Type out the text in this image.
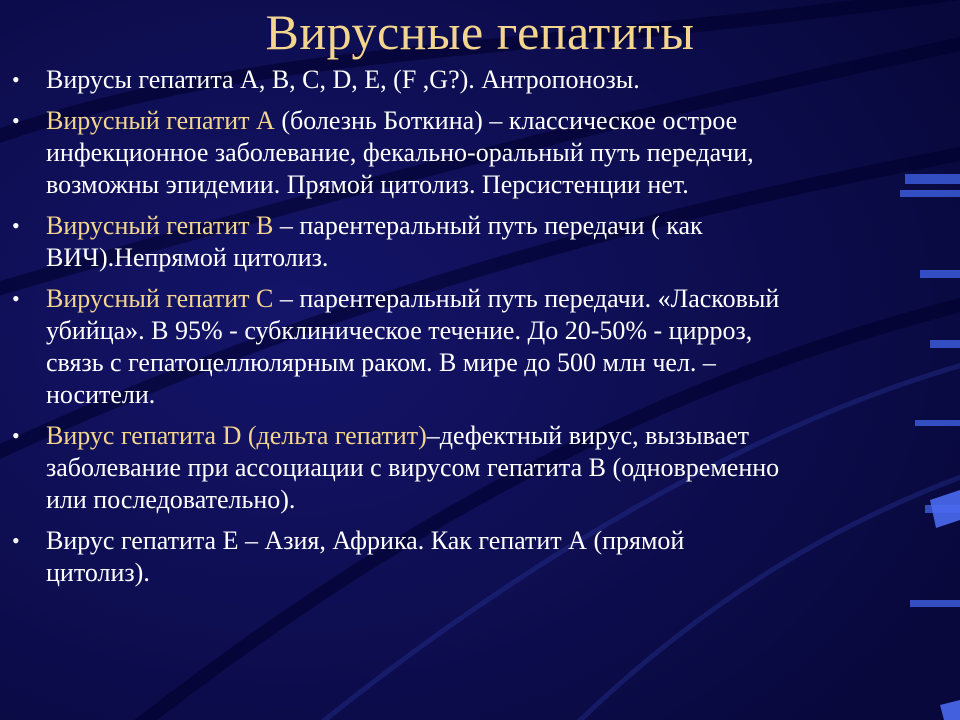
Вирусные гепатиты
•	Вирусы гепатита А, В, С, D, Е, (F ,G?). Антропонозы.
•	Вирусный гепатит А (болезнь Боткина) – классическое острое
инфекционное заболевание, фекально-оральный путь передачи,
возможны эпидемии. Прямой цитолиз. Персистенции нет.
•	Вирусный гепатит В – парентеральный путь передачи ( как
ВИЧ).Непрямой цитолиз.
•	Вирусный гепатит С – парентеральный путь передачи. «Ласковый
убийца». В 95% - субклиническое течение. До 20-50% - цирроз,
связь с гепатоцеллюлярным раком. В мире до 500 млн чел. –
носители.
•	Вирус гепатита D (дельта гепатит)–дефектный вирус, вызывает
заболевание при ассоциации с вирусом гепатита В (одновременно
или последовательно).
•	Вирус гепатита Е – Азия, Африка. Как гепатит А (прямой
цитолиз).
